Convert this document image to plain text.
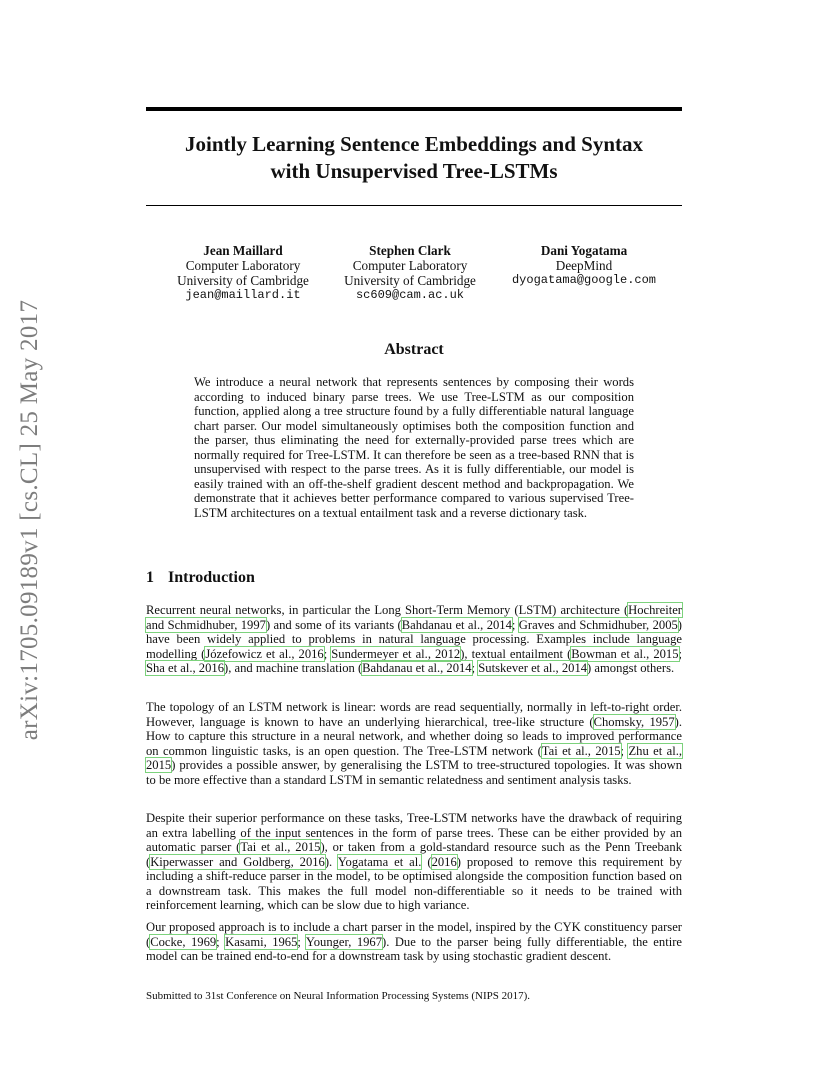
arXiv:1705.09189v1 [cs.CL] 25 May 2017
Jointly Learning Sentence Embeddings and Syntax
with Unsupervised Tree-LSTMs
Jean Maillard
Computer Laboratory
University of Cambridge
jean@maillard.it
Stephen Clark
Computer Laboratory
University of Cambridge
sc609@cam.ac.uk
Dani Yogatama
DeepMind
dyogatama@google.com
Abstract
We introduce a neural network that represents sentences by composing their words according to induced binary parse trees. We use Tree-LSTM as our composition function, applied along a tree structure found by a fully differentiable natural language chart parser. Our model simultaneously optimises both the composition function and the parser, thus eliminating the need for externally-provided parse trees which are normally required for Tree-LSTM. It can therefore be seen as a tree-based RNN that is unsupervised with respect to the parse trees. As it is fully differentiable, our model is easily trained with an off-the-shelf gradient descent method and backpropagation. We demonstrate that it achieves better performance compared to various supervised Tree-LSTM architectures on a textual entailment task and a reverse dictionary task.
1 Introduction

Recurrent neural networks, in particular the Long Short-Term Memory (LSTM) architecture (Hochreiter and Schmidhuber, 1997) and some of its variants (Bahdanau et al., 2014; Graves and Schmidhuber, 2005) have been widely applied to problems in natural language processing. Examples include language modelling (Józefowicz et al., 2016; Sundermeyer et al., 2012), textual entailment (Bowman et al., 2015; Sha et al., 2016), and machine translation (Bahdanau et al., 2014; Sutskever et al., 2014) amongst others.

The topology of an LSTM network is linear: words are read sequentially, normally in left-to-right order. However, language is known to have an underlying hierarchical, tree-like structure (Chomsky, 1957). How to capture this structure in a neural network, and whether doing so leads to improved performance on common linguistic tasks, is an open question. The Tree-LSTM network (Tai et al., 2015; Zhu et al., 2015) provides a possible answer, by generalising the LSTM to tree-structured topologies. It was shown to be more effective than a standard LSTM in semantic relatedness and sentiment analysis tasks.

Despite their superior performance on these tasks, Tree-LSTM networks have the drawback of requiring an extra labelling of the input sentences in the form of parse trees. These can be either provided by an automatic parser (Tai et al., 2015), or taken from a gold-standard resource such as the Penn Treebank (Kiperwasser and Goldberg, 2016). Yogatama et al. (2016) proposed to remove this requirement by including a shift-reduce parser in the model, to be optimised alongside the composition function based on a downstream task. This makes the full model non-differentiable so it needs to be trained with reinforcement learning, which can be slow due to high variance.

Our proposed approach is to include a chart parser in the model, inspired by the CYK constituency parser (Cocke, 1969; Kasami, 1965; Younger, 1967). Due to the parser being fully differentiable, the entire model can be trained end-to-end for a downstream task by using stochastic gradient descent.

Submitted to 31st Conference on Neural Information Processing Systems (NIPS 2017).
